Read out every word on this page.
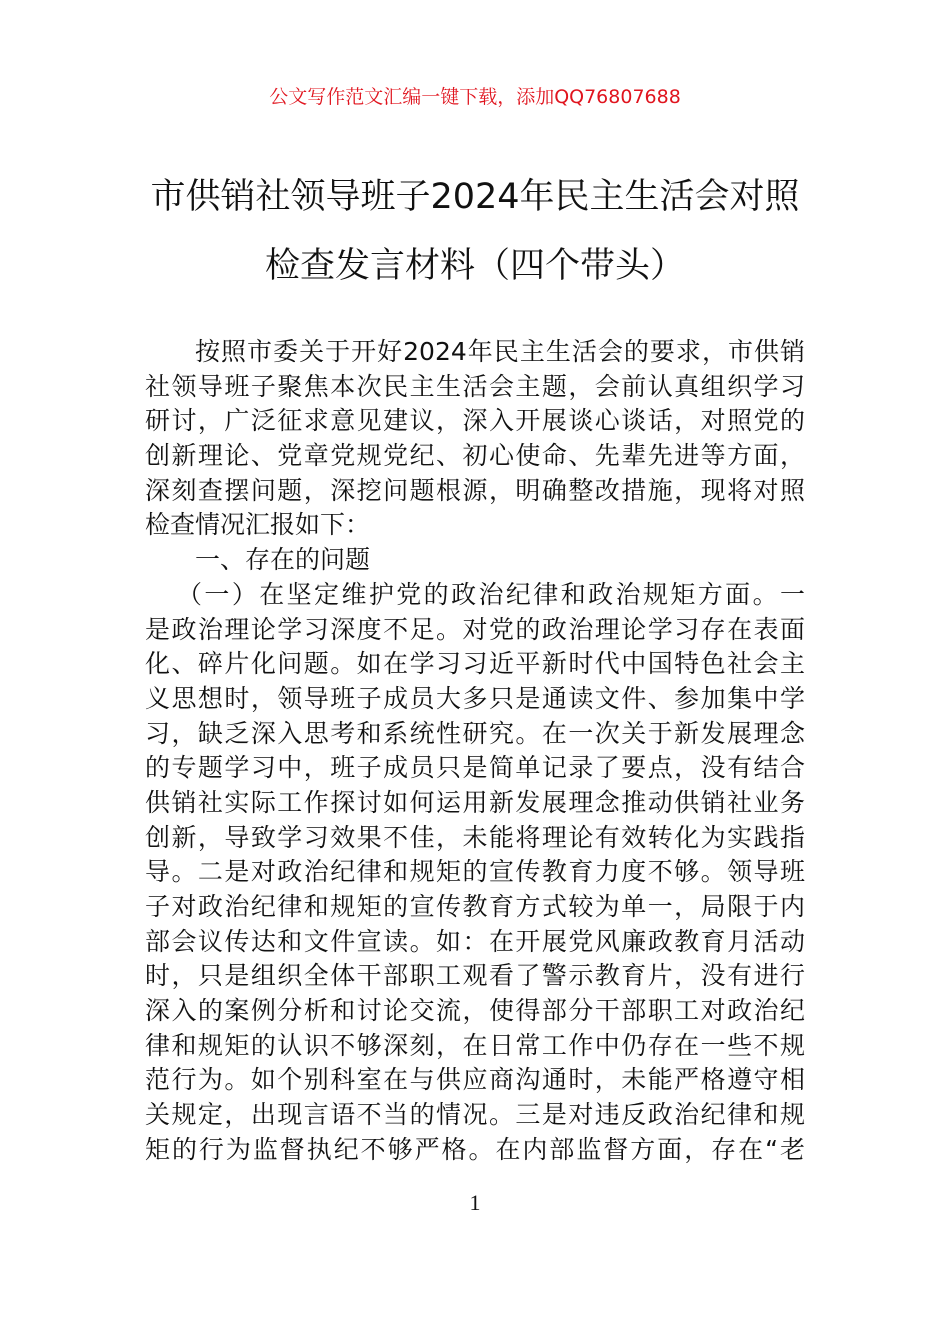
公文写作范文汇编一键下载，添加QQ76807688
市供销社领导班子2024年民主生活会对照
检查发言材料（四个带头）
按照市委关于开好2024年民主生活会的要求，市供销
社领导班子聚焦本次民主生活会主题，会前认真组织学习
研讨，广泛征求意见建议，深入开展谈心谈话，对照党的
创新理论、党章党规党纪、初心使命、先辈先进等方面，
深刻查摆问题，深挖问题根源，明确整改措施，现将对照
检查情况汇报如下：
一、存在的问题
（一）在坚定维护党的政治纪律和政治规矩方面。一
是政治理论学习深度不足。对党的政治理论学习存在表面
化、碎片化问题。如在学习习近平新时代中国特色社会主
义思想时，领导班子成员大多只是通读文件、参加集中学
习，缺乏深入思考和系统性研究。在一次关于新发展理念
的专题学习中，班子成员只是简单记录了要点，没有结合
供销社实际工作探讨如何运用新发展理念推动供销社业务
创新，导致学习效果不佳，未能将理论有效转化为实践指
导。二是对政治纪律和规矩的宣传教育力度不够。领导班
子对政治纪律和规矩的宣传教育方式较为单一，局限于内
部会议传达和文件宣读。如：在开展党风廉政教育月活动
时，只是组织全体干部职工观看了警示教育片，没有进行
深入的案例分析和讨论交流，使得部分干部职工对政治纪
律和规矩的认识不够深刻，在日常工作中仍存在一些不规
范行为。如个别科室在与供应商沟通时，未能严格遵守相
关规定，出现言语不当的情况。三是对违反政治纪律和规
矩的行为监督执纪不够严格。在内部监督方面，存在“老
1
